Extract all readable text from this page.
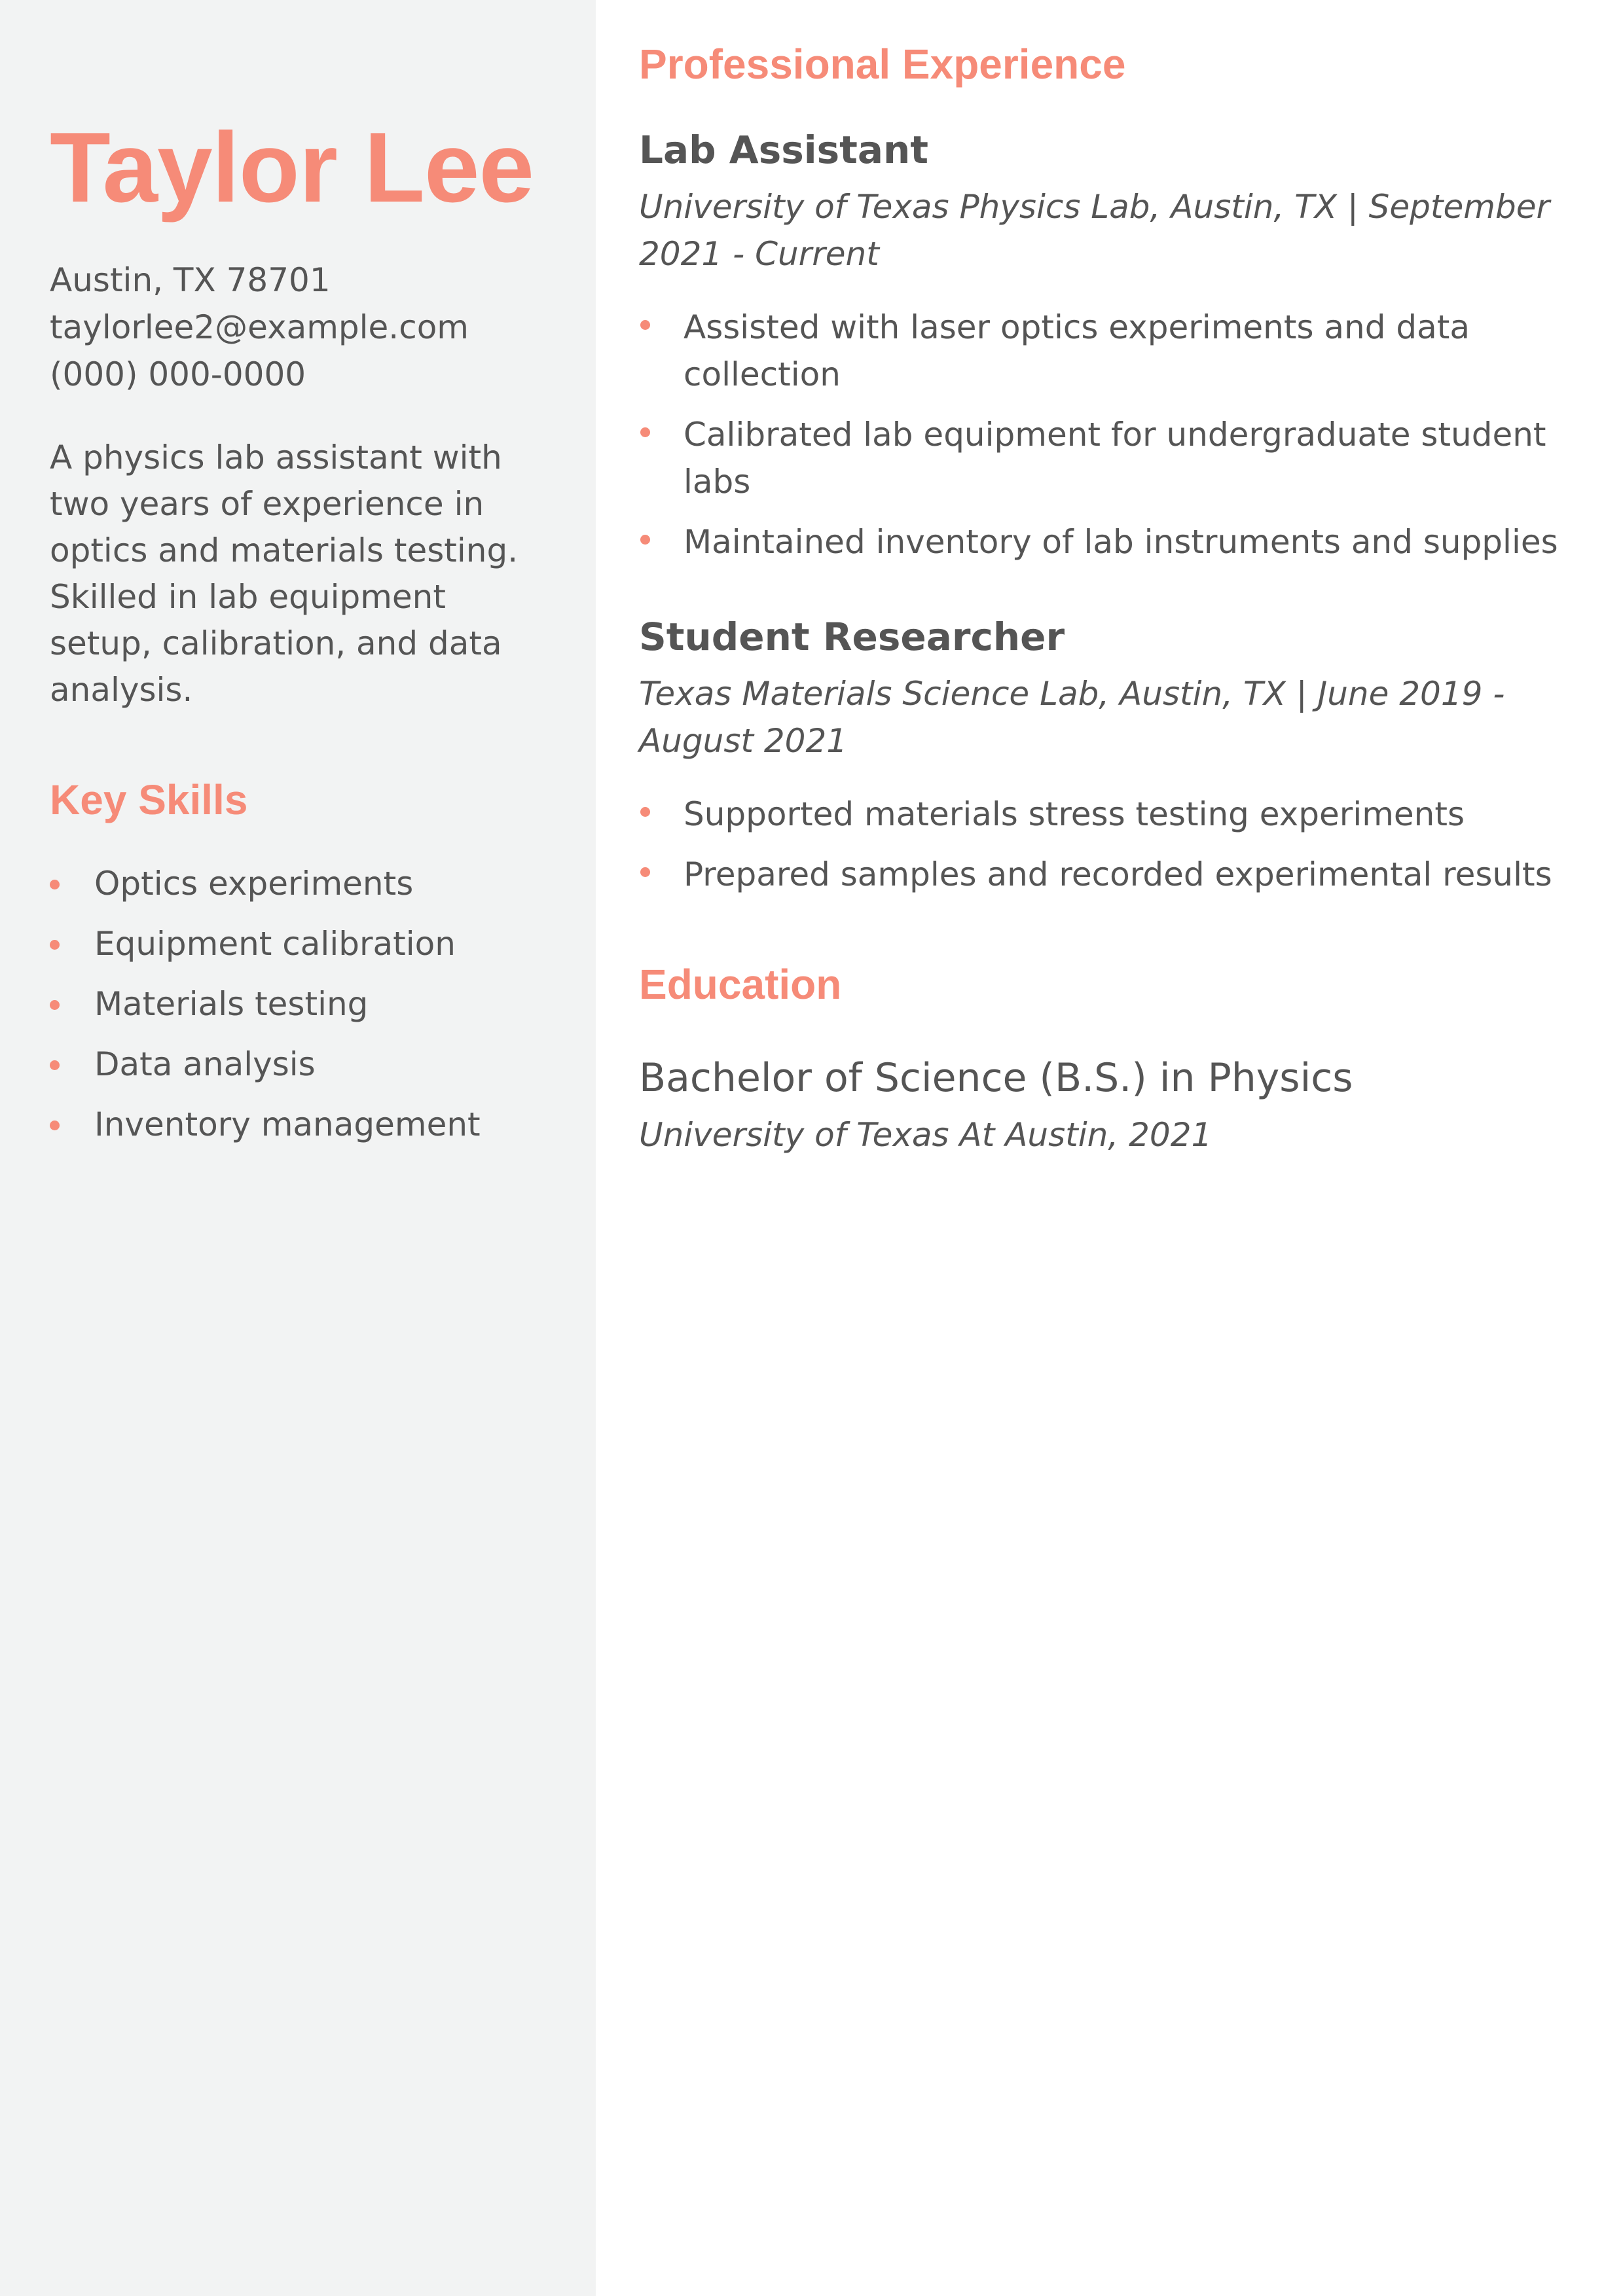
Taylor Lee
Austin, TX 78701
taylorlee2@example.com
(000) 000-0000

A physics lab assistant with two years of experience in optics and materials testing. Skilled in lab equipment setup, calibration, and data analysis.

Key Skills
Optics experiments
Equipment calibration
Materials testing
Data analysis
Inventory management
Professional Experience
Lab Assistant
University of Texas Physics Lab, Austin, TX | September 2021 - Current
Assisted with laser optics experiments and data collection
Calibrated lab equipment for undergraduate student labs
Maintained inventory of lab instruments and supplies
Student Researcher
Texas Materials Science Lab, Austin, TX | June 2019 - August 2021
Supported materials stress testing experiments
Prepared samples and recorded experimental results
Education
Bachelor of Science (B.S.) in Physics
University of Texas At Austin, 2021
